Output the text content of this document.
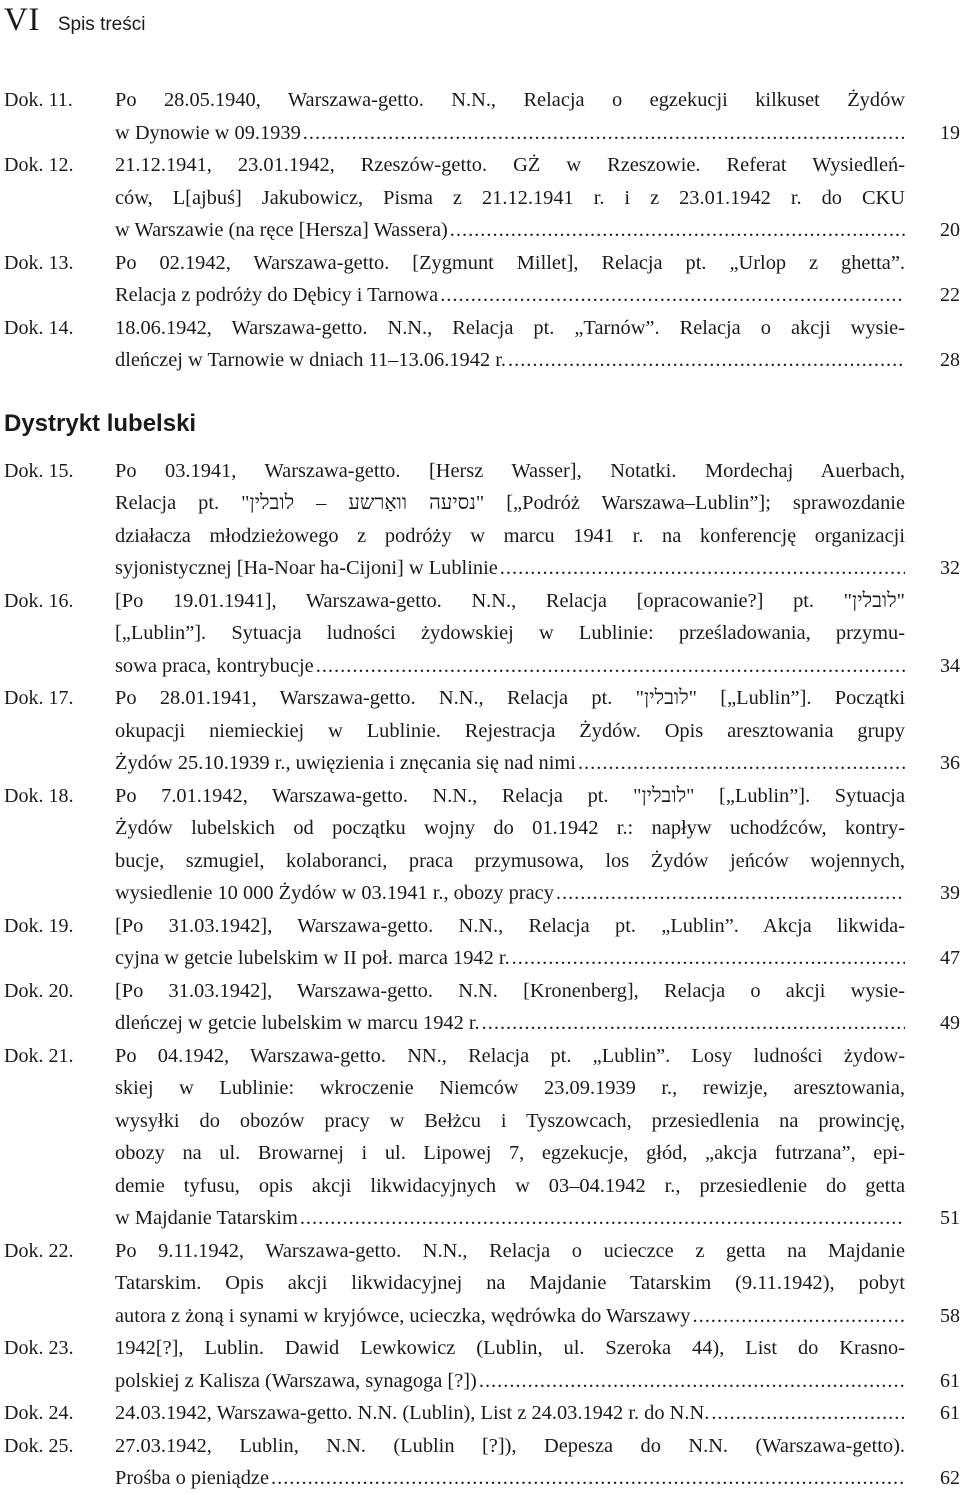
VI Spis treści
Dok. 11. Po 28.05.1940, Warszawa-getto. N.N., Relacja o egzekucji kilkuset Żydów
w Dynowie w 09.1939 .....	19
Dok. 12. 21.12.1941, 23.01.1942, Rzeszów-getto. GŻ w Rzeszowie. Referat Wysiedleń-
ców, L[ajbuś] Jakubowicz, Pisma z 21.12.1941 r. i z 23.01.1942 r. do CKU
w Warszawie (na ręce [Hersza] Wassera) .....	20
Dok. 13. Po 02.1942, Warszawa-getto. [Zygmunt Millet], Relacja pt. „Urlop z ghetta”.
Relacja z podróży do Dębicy i Tarnowa .....	22
Dok. 14. 18.06.1942, Warszawa-getto. N.N., Relacja pt. „Tarnów”. Relacja o akcji wysie-
dleńczej w Tarnowie w dniach 11–13.06.1942 r. .....	28
Dystrykt lubelski
Dok. 15. Po 03.1941, Warszawa-getto. [Hersz Wasser], Notatki. Mordechaj Auerbach,
Relacja pt. "נסיעה וואַרשע – לובלין" [„Podróż Warszawa–Lublin”]; sprawozdanie
działacza młodzieżowego z podróży w marcu 1941 r. na konferencję organizacji
syjonistycznej [Ha-Noar ha-Cijoni] w Lublinie .....	32
Dok. 16. [Po 19.01.1941], Warszawa-getto. N.N., Relacja [opracowanie?] pt. "לובלין"
[„Lublin”]. Sytuacja ludności żydowskiej w Lublinie: prześladowania, przymu-
sowa praca, kontrybucje .....	34
Dok. 17. Po 28.01.1941, Warszawa-getto. N.N., Relacja pt. "לובלין" [„Lublin”]. Początki
okupacji niemieckiej w Lublinie. Rejestracja Żydów. Opis aresztowania grupy
Żydów 25.10.1939 r., uwięzienia i znęcania się nad nimi .....	36
Dok. 18. Po 7.01.1942, Warszawa-getto. N.N., Relacja pt. "לובלין" [„Lublin”]. Sytuacja
Żydów lubelskich od początku wojny do 01.1942 r.: napływ uchodźców, kontry-
bucje, szmugiel, kolaboranci, praca przymusowa, los Żydów jeńców wojennych,
wysiedlenie 10 000 Żydów w 03.1941 r., obozy pracy .....	39
Dok. 19. [Po 31.03.1942], Warszawa-getto. N.N., Relacja pt. „Lublin”. Akcja likwida-
cyjna w getcie lubelskim w II poł. marca 1942 r. .....	47
Dok. 20. [Po 31.03.1942], Warszawa-getto. N.N. [Kronenberg], Relacja o akcji wysie-
dleńczej w getcie lubelskim w marcu 1942 r. .....	49
Dok. 21. Po 04.1942, Warszawa-getto. NN., Relacja pt. „Lublin”. Losy ludności żydow-
skiej w Lublinie: wkroczenie Niemców 23.09.1939 r., rewizje, aresztowania,
wysyłki do obozów pracy w Bełżcu i Tyszowcach, przesiedlenia na prowincję,
obozy na ul. Browarnej i ul. Lipowej 7, egzekucje, głód, „akcja futrzana”, epi-
demie tyfusu, opis akcji likwidacyjnych w 03–04.1942 r., przesiedlenie do getta
w Majdanie Tatarskim .....	51
Dok. 22. Po 9.11.1942, Warszawa-getto. N.N., Relacja o ucieczce z getta na Majdanie
Tatarskim. Opis akcji likwidacyjnej na Majdanie Tatarskim (9.11.1942), pobyt
autora z żoną i synami w kryjówce, ucieczka, wędrówka do Warszawy .....	58
Dok. 23. 1942[?], Lublin. Dawid Lewkowicz (Lublin, ul. Szeroka 44), List do Krasno-
polskiej z Kalisza (Warszawa, synagoga [?]) .....	61
Dok. 24. 24.03.1942, Warszawa-getto. N.N. (Lublin), List z 24.03.1942 r. do N.N. .....	61
Dok. 25. 27.03.1942, Lublin, N.N. (Lublin [?]), Depesza do N.N. (Warszawa-getto).
Prośba o pieniądze .....	62
